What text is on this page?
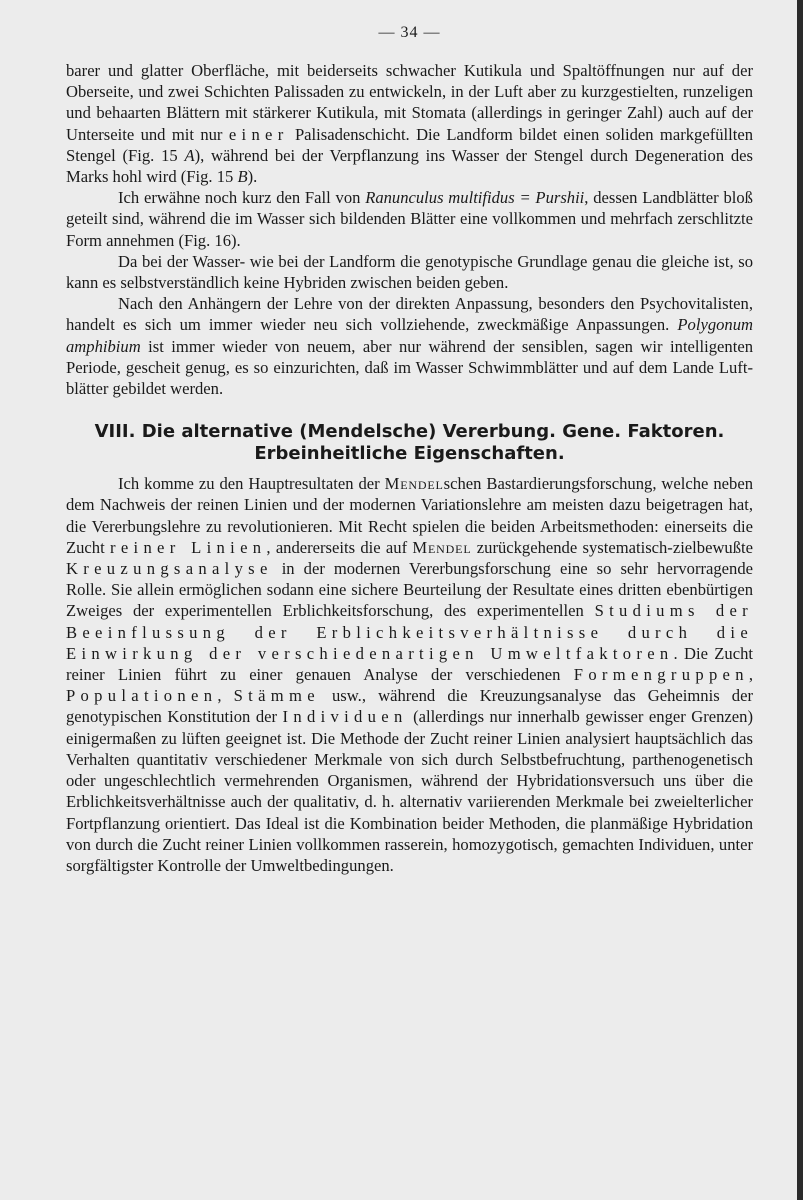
— 34 —

barer und glatter Oberfläche, mit beiderseits schwacher Kutikula und Spaltöffnungen nur auf der Oberseite, und zwei Schichten Palissaden zu entwickeln, in der Luft aber zu kurzgestielten, runzeligen und behaarten Blättern mit stärkerer Kutikula, mit Stomata (allerdings in geringer Zahl) auch auf der Unterseite und mit nur einer Palisadenschicht. Die Landform bildet einen soliden markgefüllten Stengel (Fig. 15 A), während bei der Verpflanzung ins Wasser der Stengel durch Degeneration des Marks hohl wird (Fig. 15 B).

Ich erwähne noch kurz den Fall von Ranunculus multifidus = Purshii, dessen Landblätter bloß geteilt sind, während die im Wasser sich bildenden Blätter eine vollkommen und mehrfach zerschlitzte Form annehmen (Fig. 16).

Da bei der Wasser- wie bei der Landform die genotypische Grundlage genau die gleiche ist, so kann es selbstverständlich keine Hybriden zwischen beiden geben.

Nach den Anhängern der Lehre von der direkten Anpassung, besonders den Psychovitalisten, handelt es sich um immer wieder neu sich vollziehende, zweckmäßige Anpassungen. Polygonum amphibium ist immer wieder von neuem, aber nur während der sensiblen, sagen wir intelligenten Periode, gescheit genug, es so einzurichten, daß im Wasser Schwimmblätter und auf dem Lande Luftblätter gebildet werden.

VIII. Die alternative (Mendelsche) Vererbung. Gene. Faktoren.
Erbeinheitliche Eigenschaften.

Ich komme zu den Hauptresultaten der Mendelschen Bastardierungsforschung, welche neben dem Nachweis der reinen Linien und der modernen Variationslehre am meisten dazu beigetragen hat, die Vererbungslehre zu revolutionieren. Mit Recht spielen die beiden Arbeitsmethoden: einerseits die Zucht reiner Linien, andererseits die auf Mendel zurückgehende systematisch-zielbewußte Kreuzungsanalyse in der modernen Vererbungsforschung eine so sehr hervorragende Rolle. Sie allein ermöglichen sodann eine sichere Beurteilung der Resultate eines dritten ebenbürtigen Zweiges der experimentellen Erblichkeitsforschung, des experimentellen Studiums der Beeinflussung der Erblichkeitsverhältnisse durch die Einwirkung der verschiedenartigen Umweltfaktoren. Die Zucht reiner Linien führt zu einer genauen Analyse der verschiedenen Formengruppen, Populationen, Stämme usw., während die Kreuzungsanalyse das Geheimnis der genotypischen Konstitution der Individuen (allerdings nur innerhalb gewisser enger Grenzen) einigermaßen zu lüften geeignet ist. Die Methode der Zucht reiner Linien analysiert hauptsächlich das Verhalten quantitativ verschiedener Merkmale von sich durch Selbstbefruchtung, parthenogenetisch oder ungeschlechtlich vermehrenden Organismen, während der Hybridationsversuch uns über die Erblichkeitsverhältnisse auch der qualitativ, d. h. alternativ variierenden Merkmale bei zweielterlicher Fortpflanzung orientiert. Das Ideal ist die Kombination beider Methoden, die planmäßige Hybridation von durch die Zucht reiner Linien vollkommen rasserein, homozygotisch, gemachten Individuen, unter sorgfältigster Kontrolle der Umweltbedingungen.
